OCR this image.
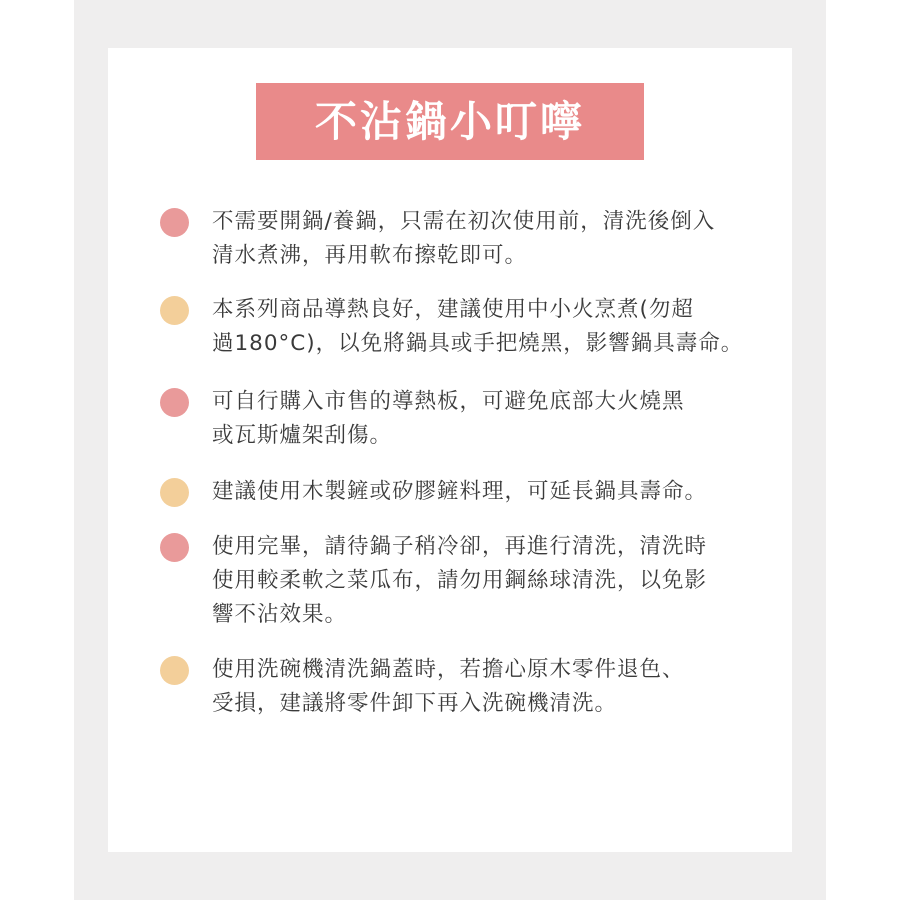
不沾鍋小叮嚀
不需要開鍋/養鍋，只需在初次使用前，清洗後倒入
清水煮沸，再用軟布擦乾即可。
本系列商品導熱良好，建議使用中小火烹煮(勿超
過180°C)，以免將鍋具或手把燒黑，影響鍋具壽命。
可自行購入市售的導熱板，可避免底部大火燒黑
或瓦斯爐架刮傷。
建議使用木製鏟或矽膠鏟料理，可延長鍋具壽命。
使用完畢，請待鍋子稍冷卻，再進行清洗，清洗時
使用較柔軟之菜瓜布，請勿用鋼絲球清洗，以免影
響不沾效果。
使用洗碗機清洗鍋蓋時，若擔心原木零件退色、
受損，建議將零件卸下再入洗碗機清洗。
